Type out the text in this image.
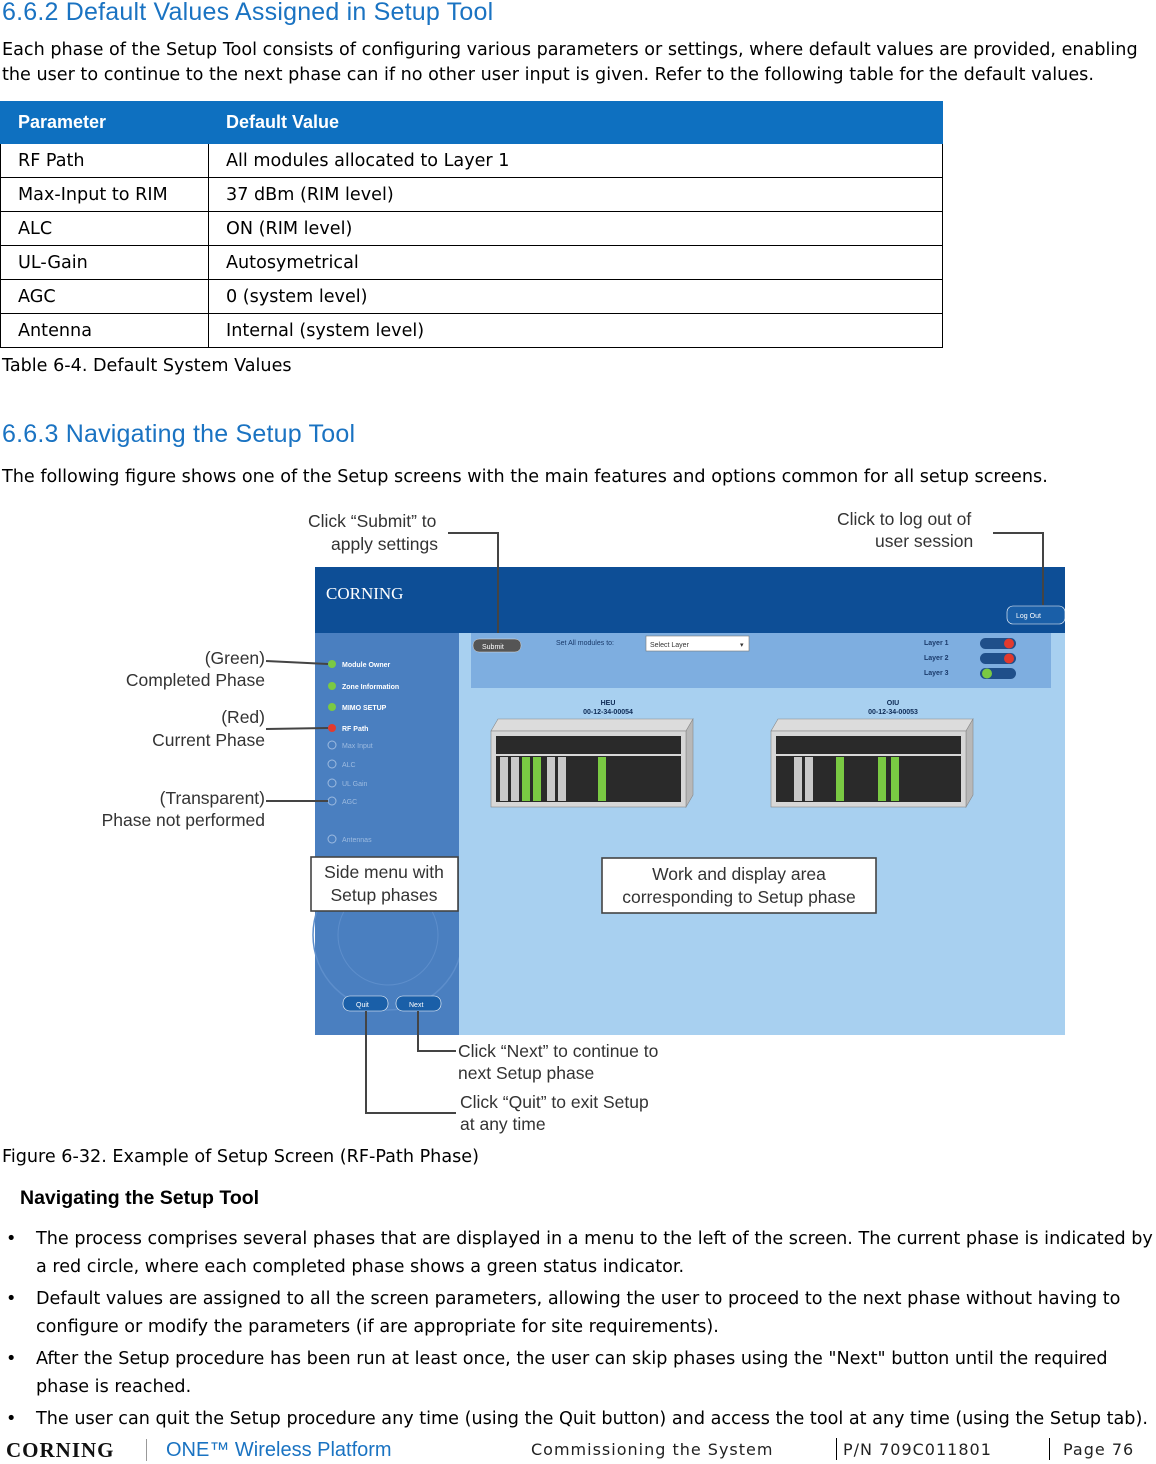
6.6.2 Default Values Assigned in Setup Tool

Each phase of the Setup Tool consists of configuring various parameters or settings, where default values are provided, enabling the user to continue to the next phase can if no other user input is given. Refer to the following table for the default values.

Parameter	Default Value
RF Path	All modules allocated to Layer 1
Max-Input to RIM	37 dBm (RIM level)
ALC	ON (RIM level)
UL-Gain	Autosymetrical
AGC	0 (system level)
Antenna	Internal (system level)
Table 6-4. Default System Values
6.6.3 Navigating the Setup Tool

The following figure shows one of the Setup screens with the main features and options common for all setup screens.

CORNING
Log Out
Module Owner
Zone Information
MIMO SETUP
RF Path
Max Input
ALC
UL Gain
AGC
Antennas
Quit	Next
Submit
Set All modules to:	Select Layer	▾	Layer 1
Layer 2
Layer 3
HEU
00-12-34-00054
OIU
00-12-34-00053
Side menu with
Setup phases
Work and display area
corresponding to Setup phase
Click “Submit” to
apply settings
Click to log out of
user session
(Green)
Completed Phase
(Red)
Current Phase
(Transparent)
Phase not performed
Click “Next” to continue to
next Setup phase
Click “Quit” to exit Setup
at any time
Figure 6-32. Example of Setup Screen (RF-Path Phase)
Navigating the Setup Tool
• The process comprises several phases that are displayed in a menu to the left of the screen. The current phase is indicated by a red circle, where each completed phase shows a green status indicator.
• Default values are assigned to all the screen parameters, allowing the user to proceed to the next phase without having to configure or modify the parameters (if are appropriate for site requirements).
• After the Setup procedure has been run at least once, the user can skip phases using the "Next" button until the required phase is reached.
• The user can quit the Setup procedure any time (using the Quit button) and access the tool at any time (using the Setup tab).
CORNING	ONE™ Wireless Platform	Commissioning the System	P/N 709C011801	Page 76
